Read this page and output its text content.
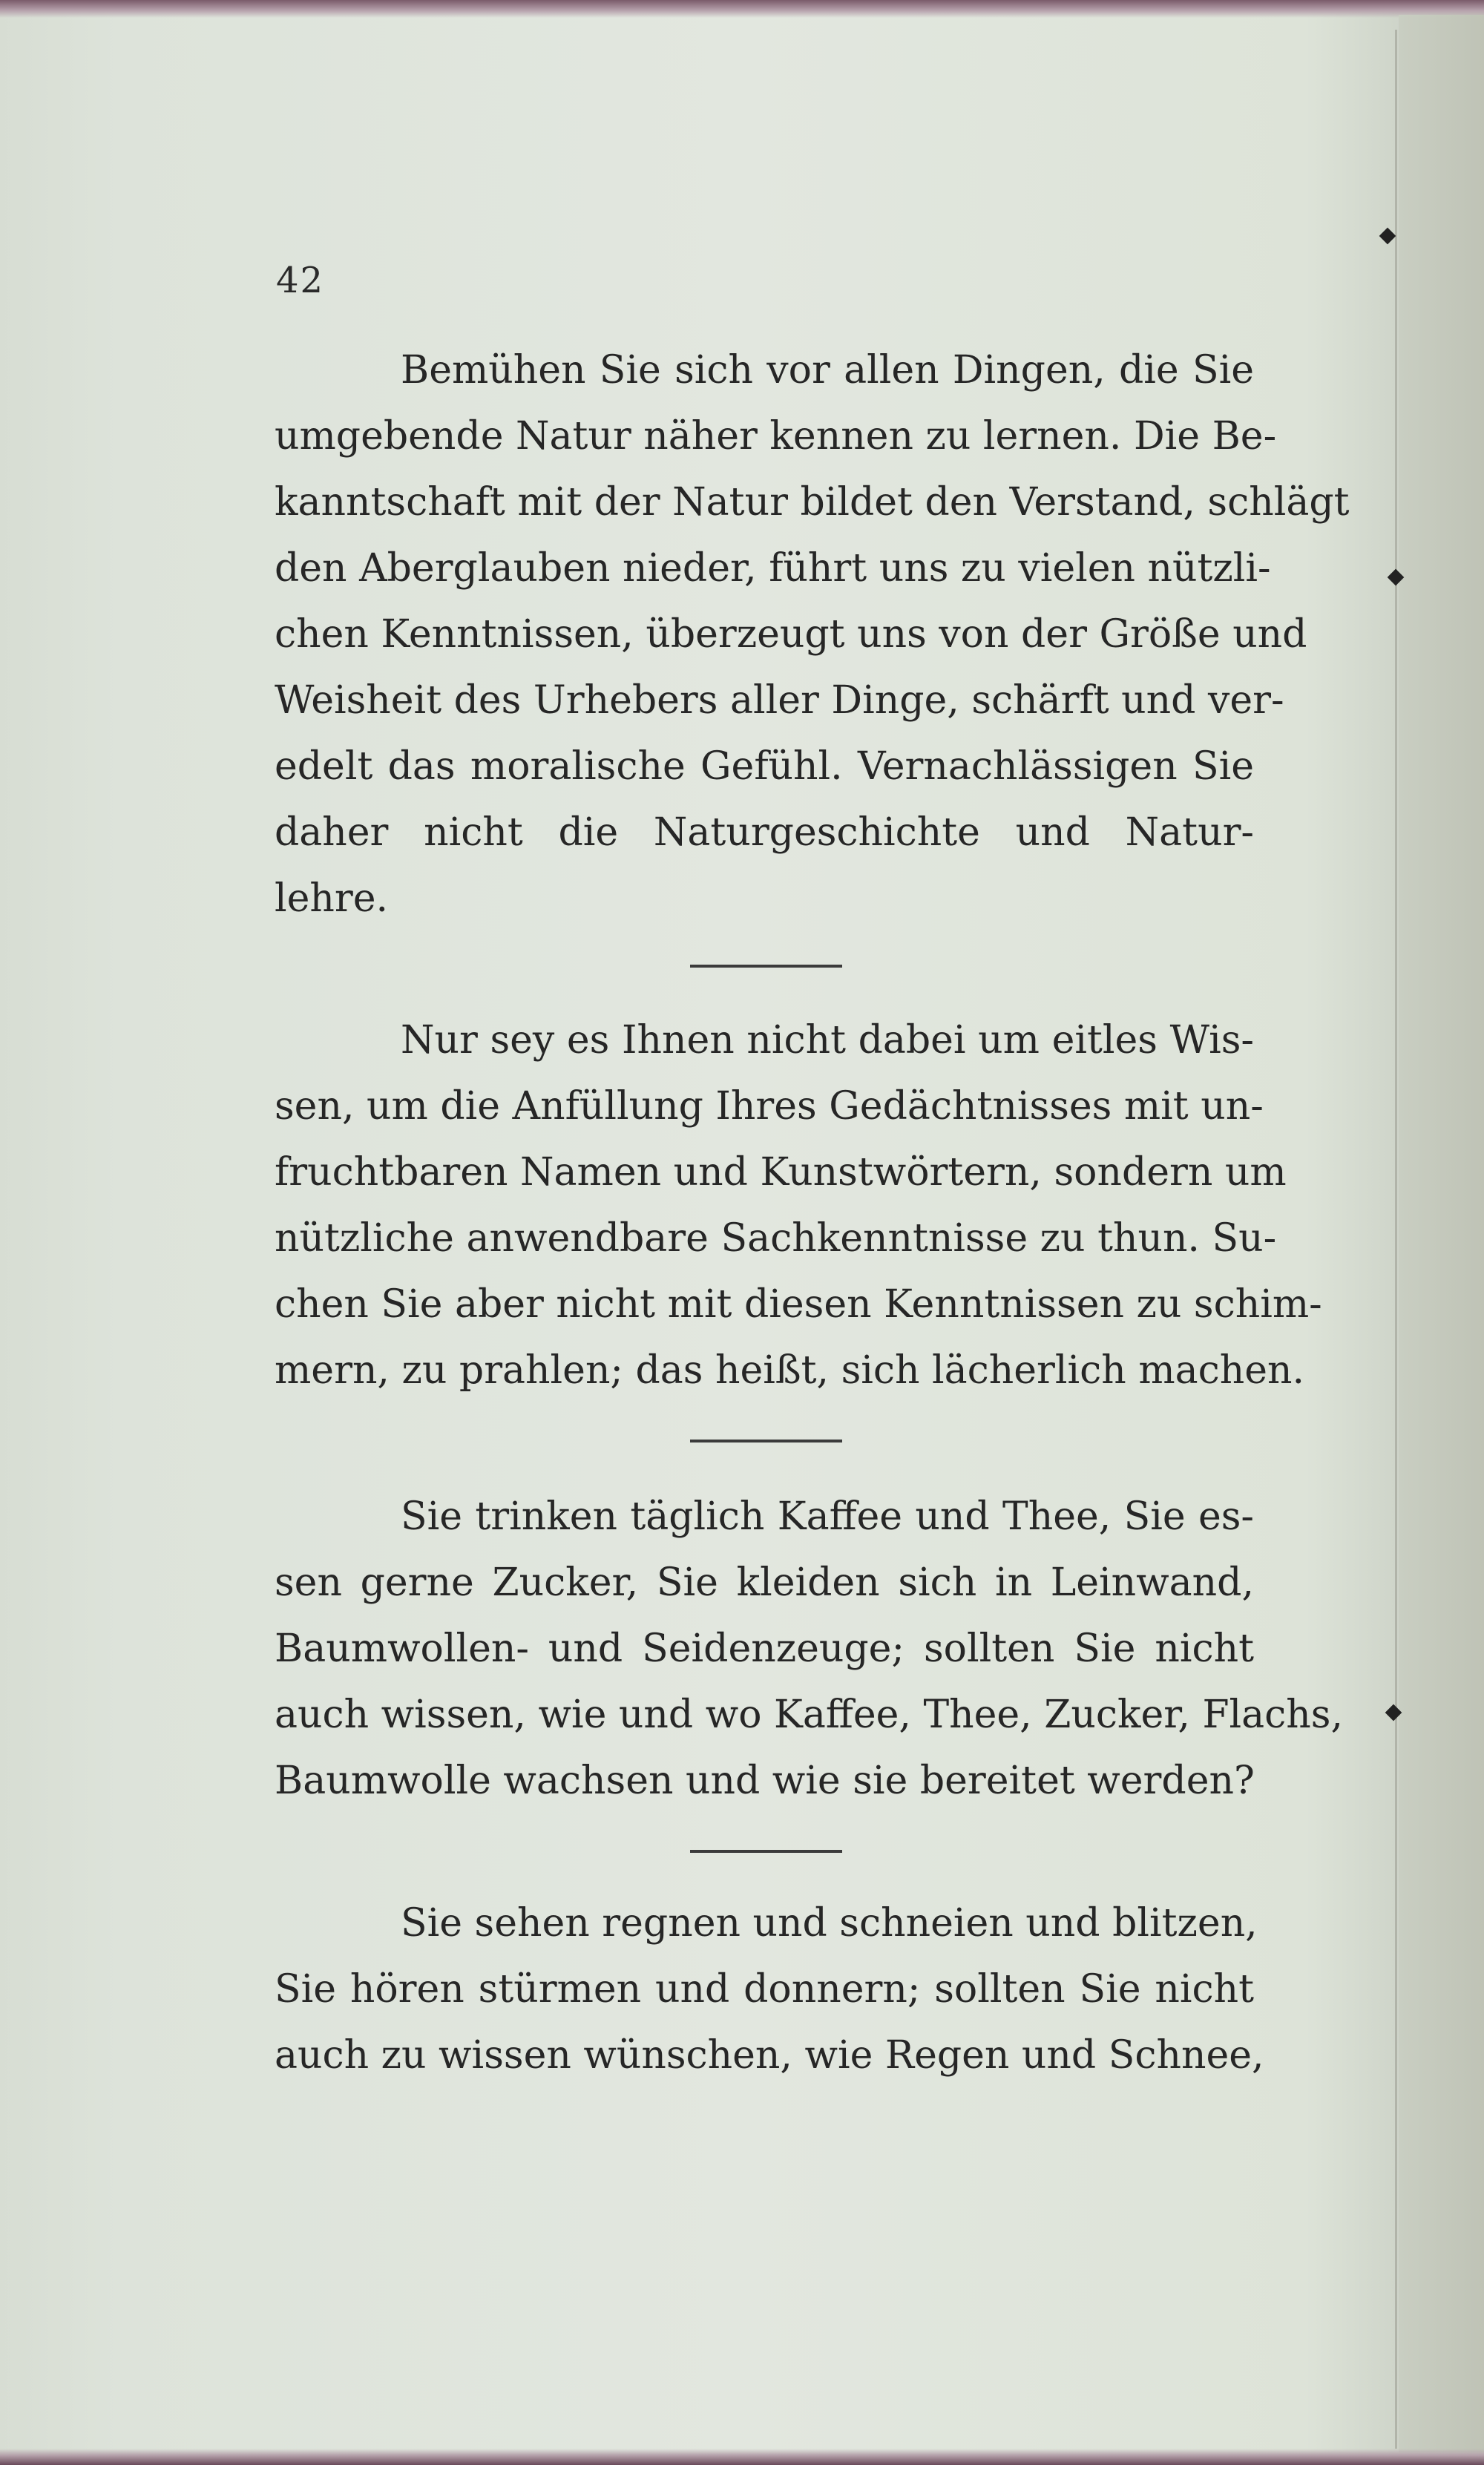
42

Bemühen Sie sich vor allen Dingen, die Sie
umgebende Natur näher kennen zu lernen. Die Be-
kanntschaft mit der Natur bildet den Verstand, schlägt
den Aberglauben nieder, führt uns zu vielen nützli-
chen Kenntnissen, überzeugt uns von der Größe und
Weisheit des Urhebers aller Dinge, schärft und ver-
edelt das moralische Gefühl. Vernachlässigen Sie
daher nicht die Naturgeschichte und Natur-
lehre.

Nur sey es Ihnen nicht dabei um eitles Wis-
sen, um die Anfüllung Ihres Gedächtnisses mit un-
fruchtbaren Namen und Kunstwörtern, sondern um
nützliche anwendbare Sachkenntnisse zu thun. Su-
chen Sie aber nicht mit diesen Kenntnissen zu schim-
mern, zu prahlen; das heißt, sich lächerlich machen.

Sie trinken täglich Kaffee und Thee, Sie es-
sen gerne Zucker, Sie kleiden sich in Leinwand,
Baumwollen- und Seidenzeuge; sollten Sie nicht
auch wissen, wie und wo Kaffee, Thee, Zucker, Flachs,
Baumwolle wachsen und wie sie bereitet werden?

Sie sehen regnen und schneien und blitzen,
Sie hören stürmen und donnern; sollten Sie nicht
auch zu wissen wünschen, wie Regen und Schnee,
